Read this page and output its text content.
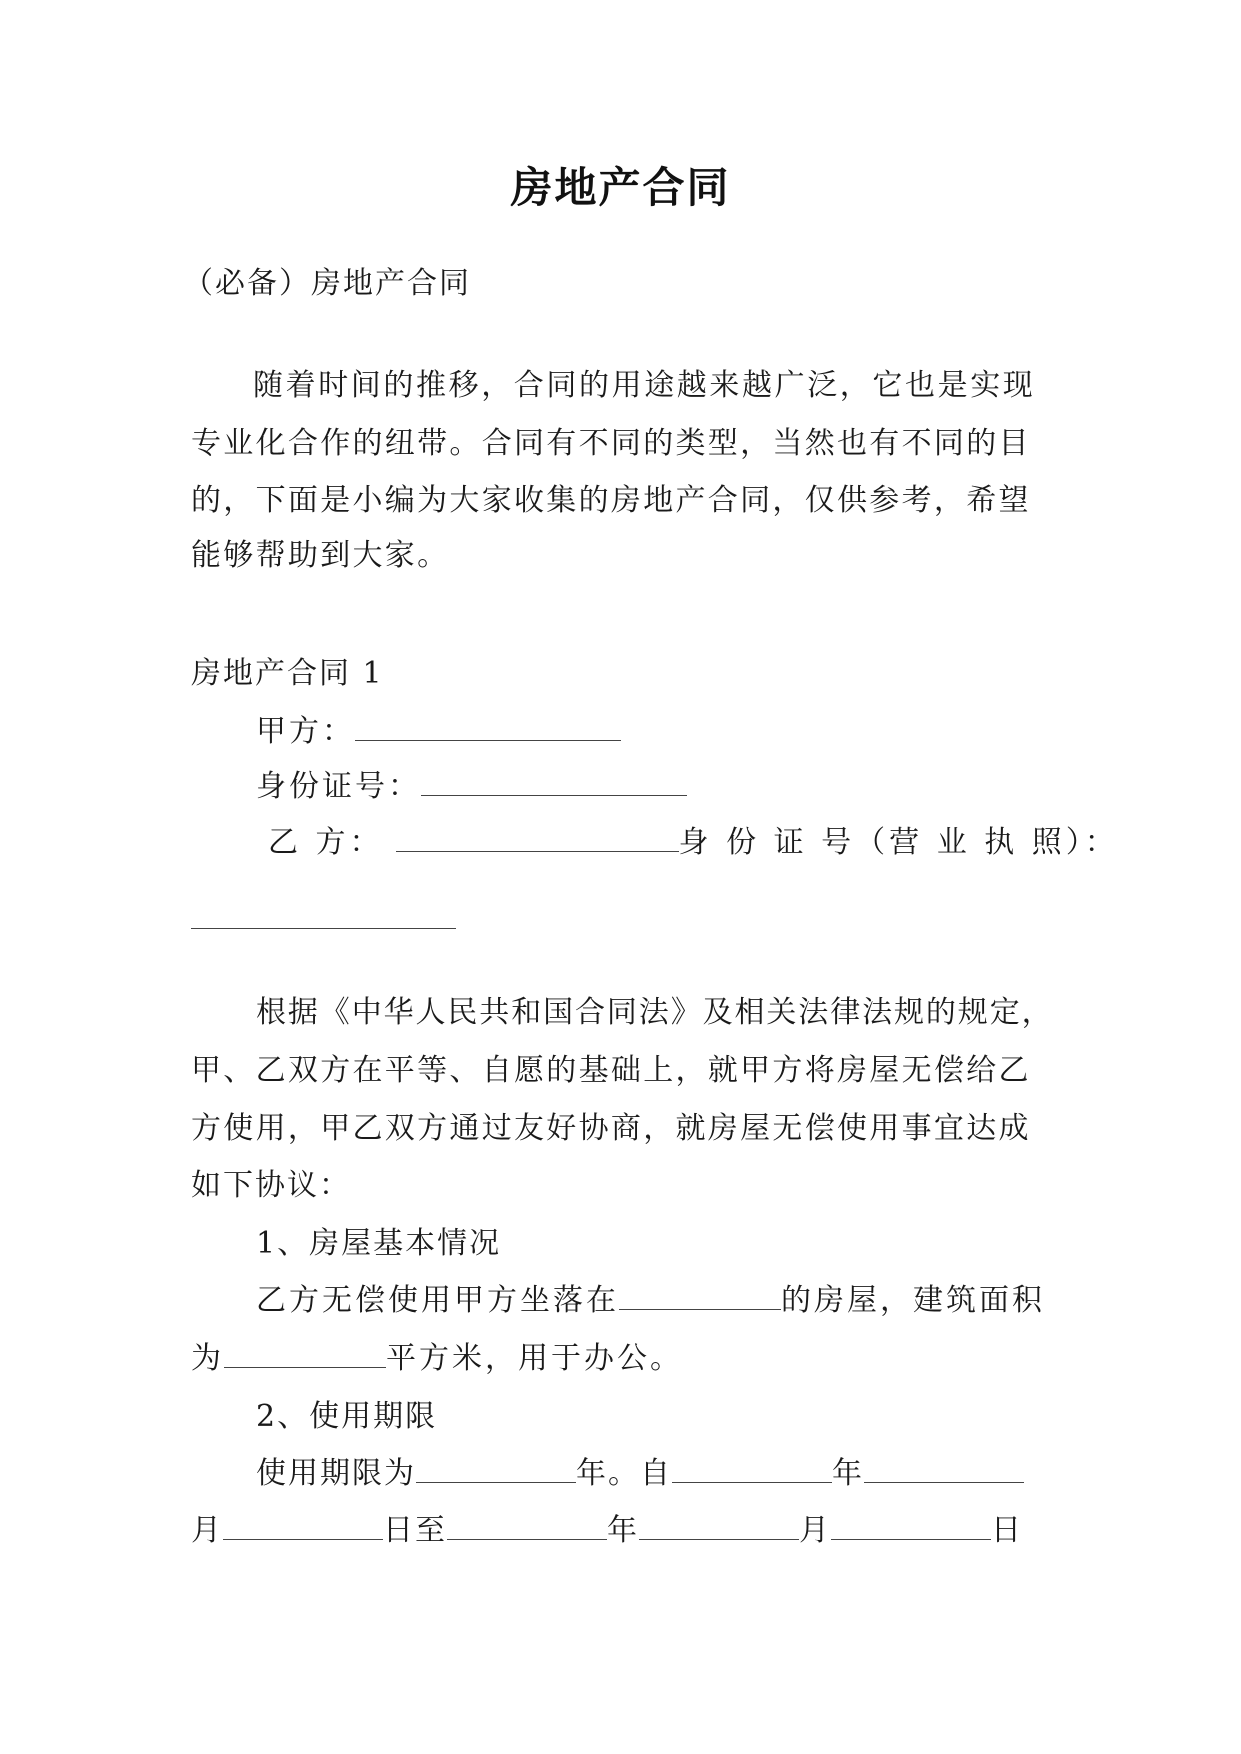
房地产合同
（必备）房地产合同
随着时间的推移，合同的用途越来越广泛，它也是实现
专业化合作的纽带。合同有不同的类型，当然也有不同的目
的，下面是小编为大家收集的房地产合同，仅供参考，希望
能够帮助到大家。
房地产合同 1
甲方：
身份证号：
乙 方：	身 份 证 号（营 业 执 照）：
根据《中华人民共和国合同法》及相关法律法规的规定，
甲、乙双方在平等、自愿的基础上，就甲方将房屋无偿给乙
方使用，甲乙双方通过友好协商，就房屋无偿使用事宜达成
如下协议：
1、房屋基本情况
乙方无偿使用甲方坐落在	的房屋，建筑面积
为	平方米，用于办公。
2、使用期限
使用期限为	年。自	年
月	日至	年	月	日
